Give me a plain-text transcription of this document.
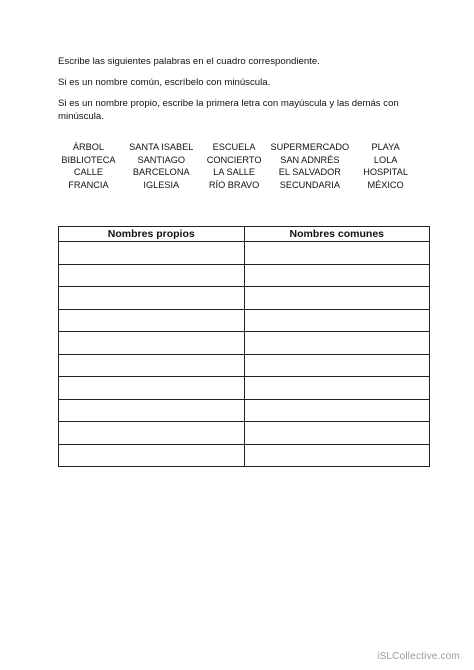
Escribe las siguientes palabras en el cuadro correspondiente.

Si es un nombre común, escríbelo con minúscula.

Si es un nombre propio, escribe la primera letra con mayúscula y las demás con minúscula.

ÁRBOL	SANTA ISABEL	ESCUELA	SUPERMERCADO	PLAYA
BIBLIOTECA	SANTIAGO	CONCIERTO	SAN ADNRÉS	LOLA
CALLE	BARCELONA	LA SALLE	EL SALVADOR	HOSPITAL
FRANCIA	IGLESIA	RÍO BRAVO	SECUNDARIA	MÉXICO
Nombres propios	Nombres comunes

iSLCollective.com
